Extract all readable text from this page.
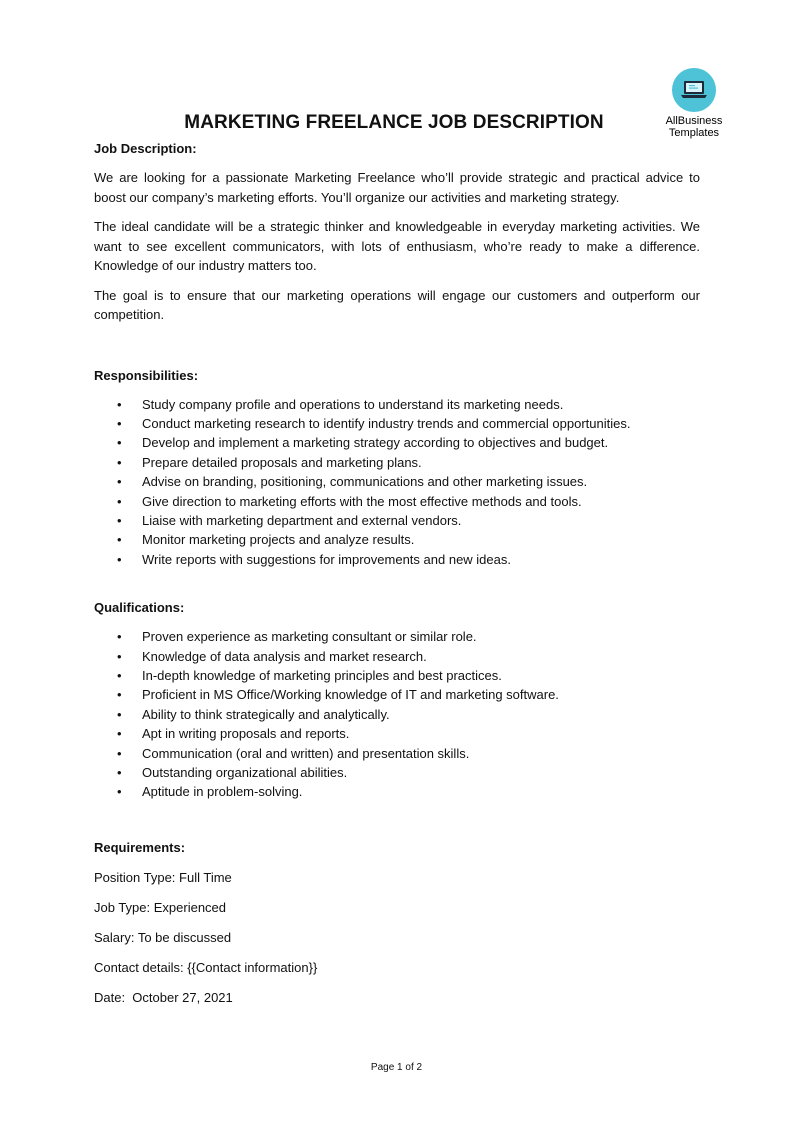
AllBusiness
Templates
MARKETING FREELANCE JOB DESCRIPTION

Job Description:

We are looking for a passionate Marketing Freelance who’ll provide strategic and practical advice to boost our company’s marketing efforts. You’ll organize our activities and marketing strategy.

The ideal candidate will be a strategic thinker and knowledgeable in everyday marketing activities. We want to see excellent communicators, with lots of enthusiasm, who’re ready to make a difference. Knowledge of our industry matters too.

The goal is to ensure that our marketing operations will engage our customers and outperform our competition.

Responsibilities:

• Study company profile and operations to understand its marketing needs.
• Conduct marketing research to identify industry trends and commercial opportunities.
• Develop and implement a marketing strategy according to objectives and budget.
• Prepare detailed proposals and marketing plans.
• Advise on branding, positioning, communications and other marketing issues.
• Give direction to marketing efforts with the most effective methods and tools.
• Liaise with marketing department and external vendors.
• Monitor marketing projects and analyze results.
• Write reports with suggestions for improvements and new ideas.

Qualifications:

• Proven experience as marketing consultant or similar role.
• Knowledge of data analysis and market research.
• In-depth knowledge of marketing principles and best practices.
• Proficient in MS Office/Working knowledge of IT and marketing software.
• Ability to think strategically and analytically.
• Apt in writing proposals and reports.
• Communication (oral and written) and presentation skills.
• Outstanding organizational abilities.
• Aptitude in problem-solving.

Requirements:

Position Type: Full Time

Job Type: Experienced

Salary: To be discussed

Contact details: {{Contact information}}

Date:  October 27, 2021

Page 1 of 2
